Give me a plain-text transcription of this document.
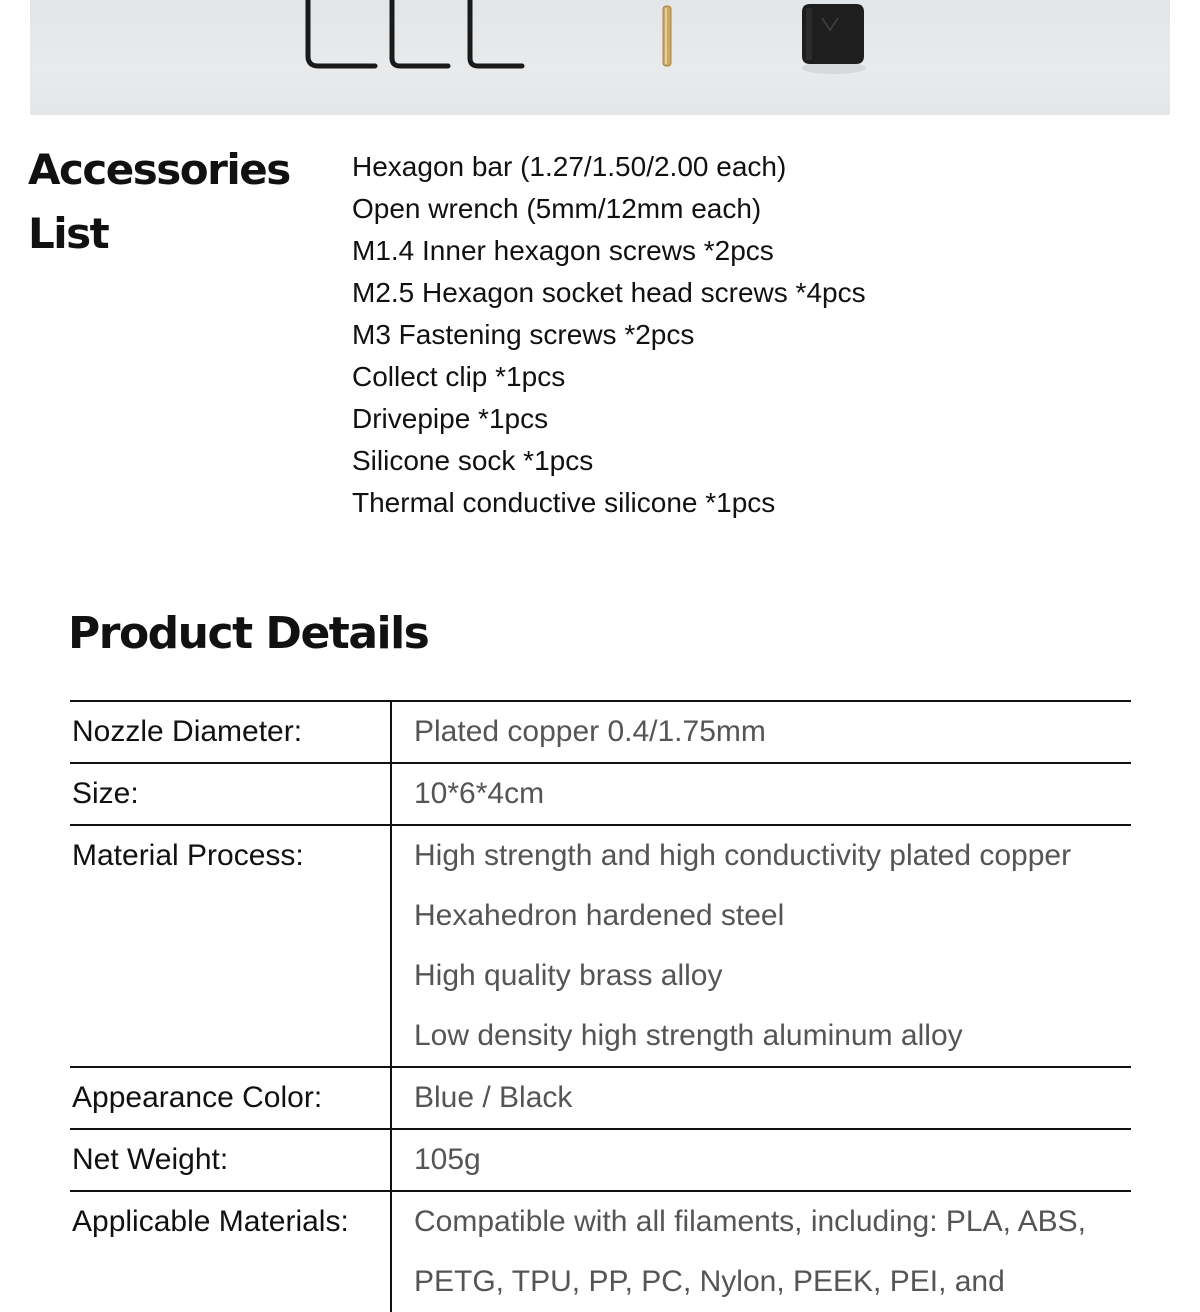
Accessories
List
Hexagon bar (1.27/1.50/2.00 each)
Open wrench (5mm/12mm each)
M1.4 Inner hexagon screws *2pcs
M2.5 Hexagon socket head screws *4pcs
M3 Fastening screws *2pcs
Collect clip *1pcs
Drivepipe *1pcs
Silicone sock *1pcs
Thermal conductive silicone *1pcs
Product Details
Nozzle Diameter:	Plated copper 0.4/1.75mm

Size:	10*6*4cm

Material Process:	High strength and high conductivity plated copper
Hexahedron hardened steel
High quality brass alloy
Low density high strength aluminum alloy

Appearance Color:	Blue / Black

Net Weight:	105g

Applicable Materials:	Compatible with all filaments, including: PLA, ABS,
PETG, TPU, PP, PC, Nylon, PEEK, PEI, and
